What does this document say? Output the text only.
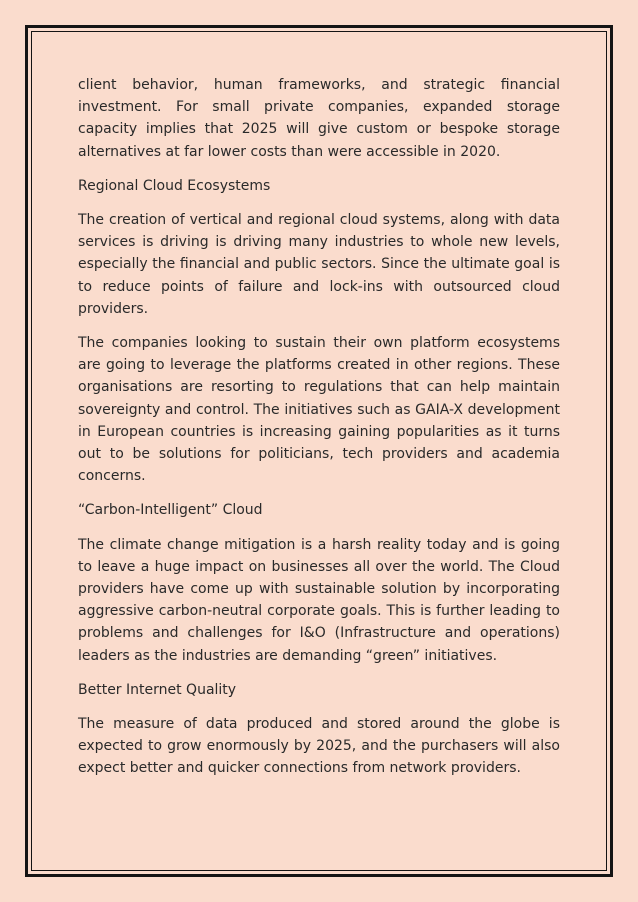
client behavior, human frameworks, and strategic financial investment. For small private companies, expanded storage capacity implies that 2025 will give custom or bespoke storage alternatives at far lower costs than were accessible in 2020.

Regional Cloud Ecosystems

The creation of vertical and regional cloud systems, along with data services is driving is driving many industries to whole new levels, especially the financial and public sectors. Since the ultimate goal is to reduce points of failure and lock-ins with outsourced cloud providers.

The companies looking to sustain their own platform ecosystems are going to leverage the platforms created in other regions. These organisations are resorting to regulations that can help maintain sovereignty and control. The initiatives such as GAIA-X development in European countries is increasing gaining popularities as it turns out to be solutions for politicians, tech providers and academia concerns.

“Carbon-Intelligent” Cloud

The climate change mitigation is a harsh reality today and is going to leave a huge impact on businesses all over the world. The Cloud providers have come up with sustainable solution by incorporating aggressive carbon-neutral corporate goals. This is further leading to problems and challenges for I&O (Infrastructure and operations) leaders as the industries are demanding “green” initiatives.

Better Internet Quality

The measure of data produced and stored around the globe is expected to grow enormously by 2025, and the purchasers will also expect better and quicker connections from network providers.
